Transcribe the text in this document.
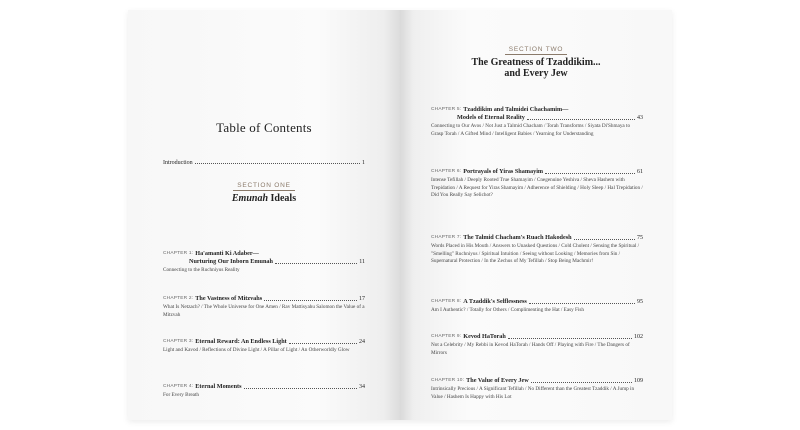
Table of Contents
Introduction	1
SECTION ONE
Emunah Ideals
CHAPTER 1: Ha'amanti Ki Adaber—
Nurturing Our Inborn Emunah	11
Connecting to the Ruchniyus Reality
CHAPTER 2: The Vastness of Mitzvahs	17
What Is Netzach? / The Whole Universe for One Amen / Rav Mattisyahu Salomon the Value of a Mitzvah
CHAPTER 3: Eternal Reward: An Endless Light	24
Light and Kavod / Reflections of Divine Light / A Pillar of Light / An Otherworldly Glow
CHAPTER 4: Eternal Moments	34
For Every Breath
SECTION TWO
The Greatness of Tzaddikim...
and Every Jew
CHAPTER 5: Tzaddikim and Talmidei Chachamim—
Models of Eternal Reality	43
Connecting to Our Avos / Not Just a Talmid Chacham / Torah Transforms / Siyata Di'Shmaya to Grasp Torah / A Gifted Mind / Intelligent Babies / Yearning for Understanding
CHAPTER 6: Portrayals of Yiras Shamayim	61
Intense Tefillah / Deeply Rooted True Shamayim / Cnegenuine Yeshiva / Sheva Hashem with Trepidation / A Request for Yiras Shamayim / Adherence of Shielding / Holy Sleep / Hal Trepidation / Did You Really Say Selichot?
CHAPTER 7: The Talmid Chacham's Ruach Hakodesh	75
Words Placed in His Mouth / Answers to Unasked Questions / Cold Cholent / Sensing the Spiritual / "Smelling" Ruchniyus / Spiritual Intuition / Seeing without Looking / Memories from Sin / Supernatural Protection / In the Zechus of My Tefillah / Stop Being Machmir!
CHAPTER 8: A Tzaddik's Selflessness	95
Am I Authentic? / Totally for Others / Complimenting the Hat / Easy Fish
CHAPTER 9: Kevod HaTorah	102
Not a Celebrity / My Rebbi in Kevod HaTorah / Hands Off / Playing with Fire / The Dangers of Mirrors
CHAPTER 10: The Value of Every Jew	109
Intrinsically Precious / A Significant Tefillah / No Different than the Greatest Tzaddik / A Jump in Value / Hashem Is Happy with His Lot
